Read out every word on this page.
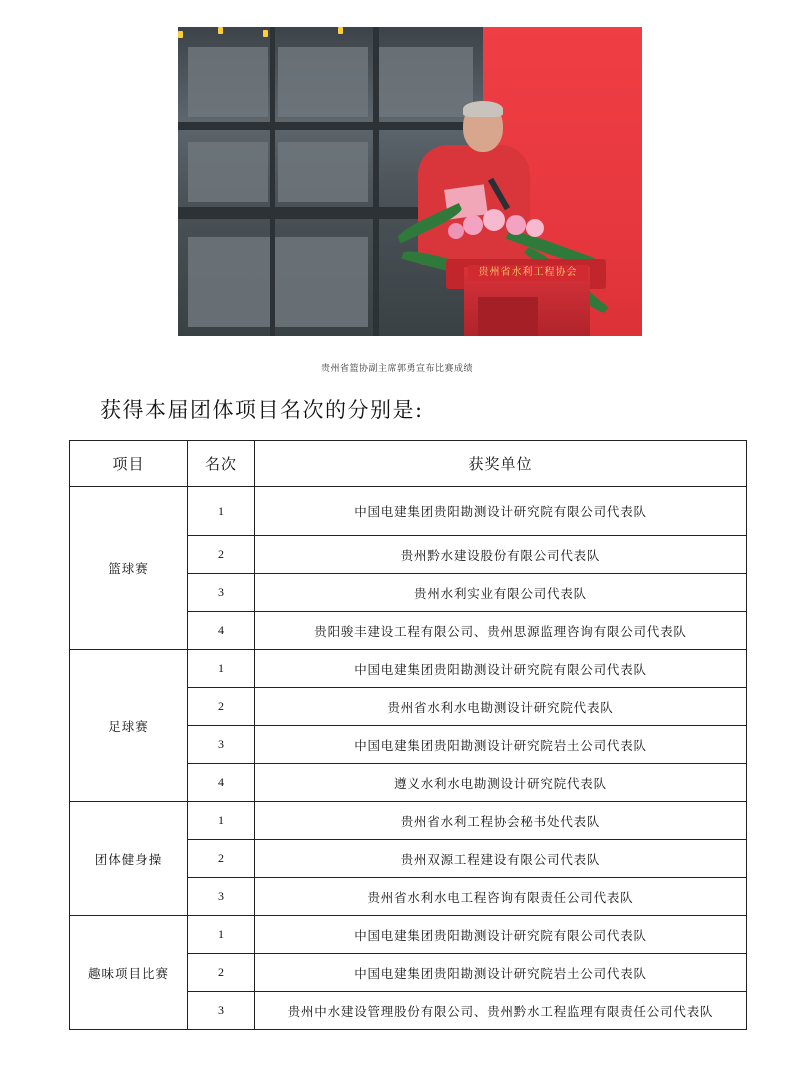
贵州省水利工程协会
贵州省篮协副主席郭勇宣布比赛成绩
获得本届团体项目名次的分别是:
项目	名次	获奖单位
篮球赛	1	中国电建集团贵阳勘测设计研究院有限公司代表队
	2	贵州黔水建设股份有限公司代表队
	3	贵州水利实业有限公司代表队
	4	贵阳骏丰建设工程有限公司、贵州思源监理咨询有限公司代表队
足球赛	1	中国电建集团贵阳勘测设计研究院有限公司代表队
	2	贵州省水利水电勘测设计研究院代表队
	3	中国电建集团贵阳勘测设计研究院岩土公司代表队
	4	遵义水利水电勘测设计研究院代表队
团体健身操	1	贵州省水利工程协会秘书处代表队
	2	贵州双源工程建设有限公司代表队
	3	贵州省水利水电工程咨询有限责任公司代表队
趣味项目比赛	1	中国电建集团贵阳勘测设计研究院有限公司代表队
	2	中国电建集团贵阳勘测设计研究院岩土公司代表队
	3	贵州中水建设管理股份有限公司、贵州黔水工程监理有限责任公司代表队
